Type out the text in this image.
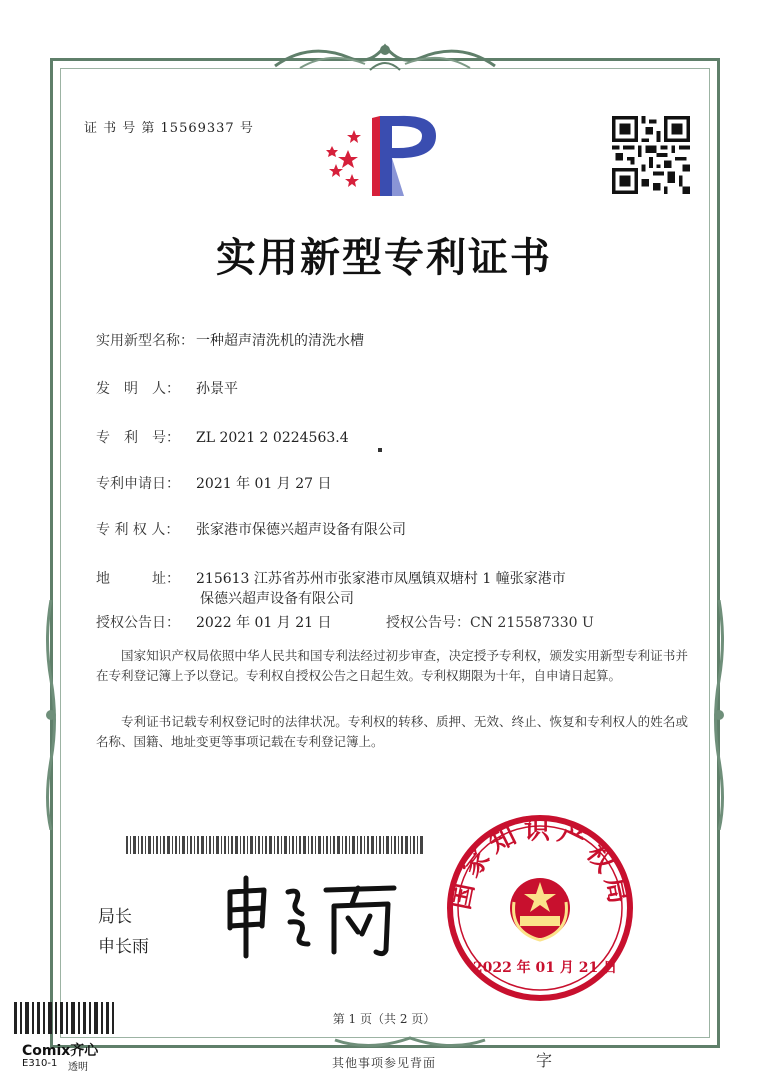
证 书 号 第 15569337 号
实用新型专利证书
实用新型名称： 一种超声清洗机的清洗水槽
发　明　人： 孙景平
专　利　号： ZL 2021 2 0224563.4
专利申请日： 2021 年 01 月 27 日
专 利 权 人： 张家港市保德兴超声设备有限公司
地　　　址： 215613 江苏省苏州市张家港市凤凰镇双塘村 1 幢张家港市
保德兴超声设备有限公司
授权公告日： 2022 年 01 月 21 日	授权公告号：CN 215587330 U
国家知识产权局依照中华人民共和国专利法经过初步审查，决定授予专利权，颁发实用新型专利证书并在专利登记簿上予以登记。专利权自授权公告之日起生效。专利权期限为十年，自申请日起算。
专利证书记载专利权登记时的法律状况。专利权的转移、质押、无效、终止、恢复和专利权人的姓名或名称、国籍、地址变更等事项记载在专利登记簿上。
局长
申长雨
国家知识产权局
2022 年 01 月 21 日
第 1 页（共 2 页）
其他事项参见背面	字
Comix齐心
E310-1 透明
